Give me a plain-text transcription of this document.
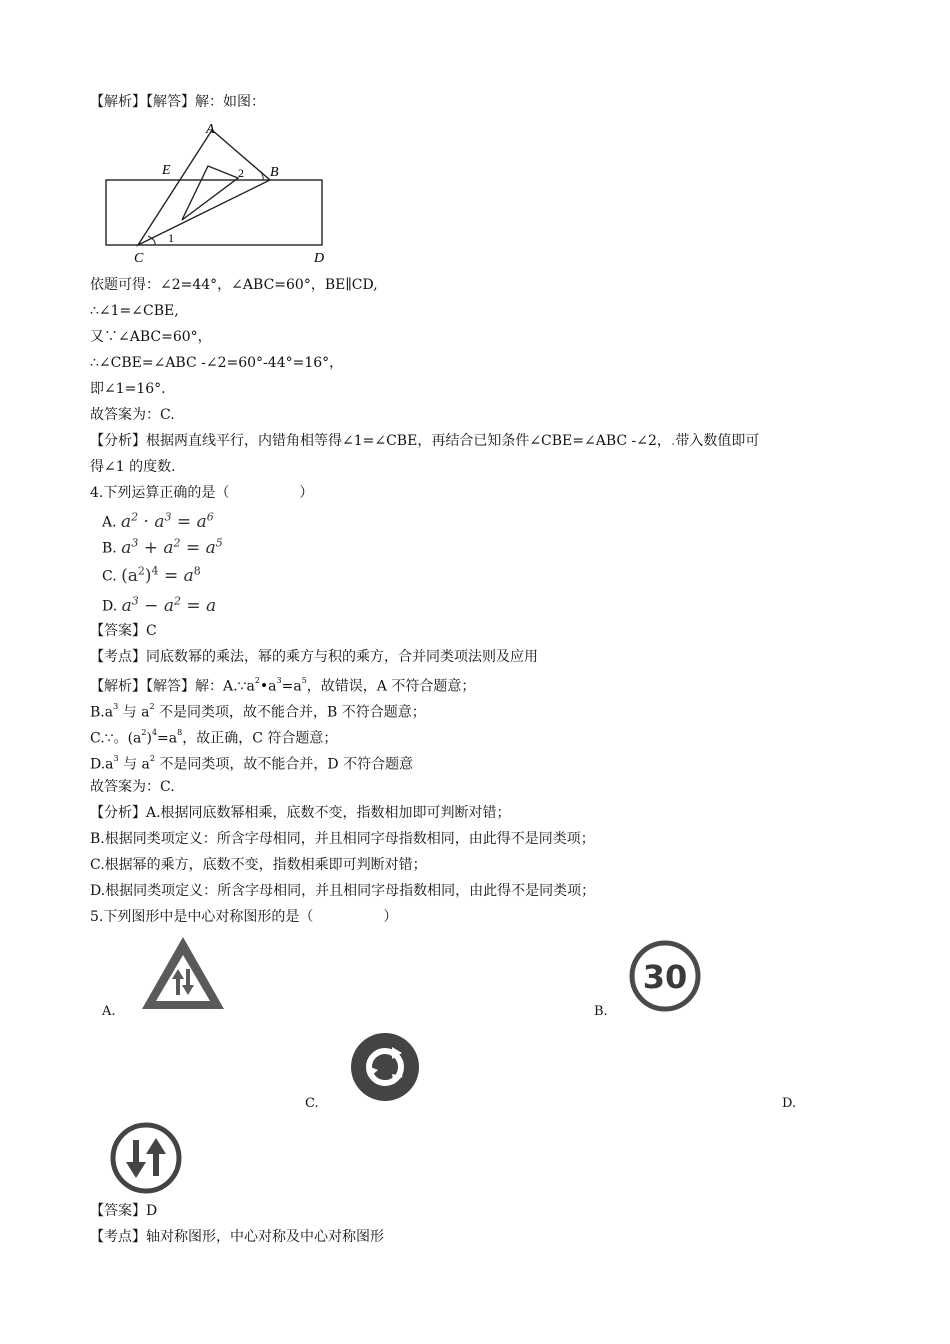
【解析】【解答】解：如图：
A
E	B
C	D
1
2
依题可得：∠2=44°，∠ABC=60°，BE∥CD,
∴∠1=∠CBE,
又∵∠ABC=60°，
∴∠CBE=∠ABC -∠2=60°-44°=16°，
即∠1=16°.
故答案为：C.
【分析】根据两直线平行，内错角相等得∠1=∠CBE，再结合已知条件∠CBE=∠ABC -∠2，.带入数值即可
得∠1 的度数.
4.下列运算正确的是（　　　　　）
A. $a^2 \cdot a^3 = a^6$
B. $a^3 + a^2 = a^5$
C. $(a^2)^4 = a^8$
D. $a^3 - a^2 = a$
【答案】C
【考点】同底数幂的乘法，幂的乘方与积的乘方，合并同类项法则及应用
【解析】【解答】解：$A.\because a^2•a^3=a^5$，故错误，A 不符合题意；
$B.a^3$ 与 $a^2$ 不是同类项，故不能合并，B 不符合题意；
C.∵。$(a^2)^4=a^8$，故正确，C 符合题意；
$D.a^3$ 与 $a^2$ 不是同类项，故不能合并，D 不符合题意
故答案为：C.
【分析】A.根据同底数幂相乘，底数不变，指数相加即可判断对错；
B.根据同类项定义：所含字母相同，并且相同字母指数相同，由此得不是同类项；
C.根据幂的乘方，底数不变，指数相乘即可判断对错；
D.根据同类项定义：所含字母相同，并且相同字母指数相同，由此得不是同类项；
5.下列图形中是中心对称图形的是（　　　　　）
A.
30
B.
C.	D.
【答案】D
【考点】轴对称图形，中心对称及中心对称图形
